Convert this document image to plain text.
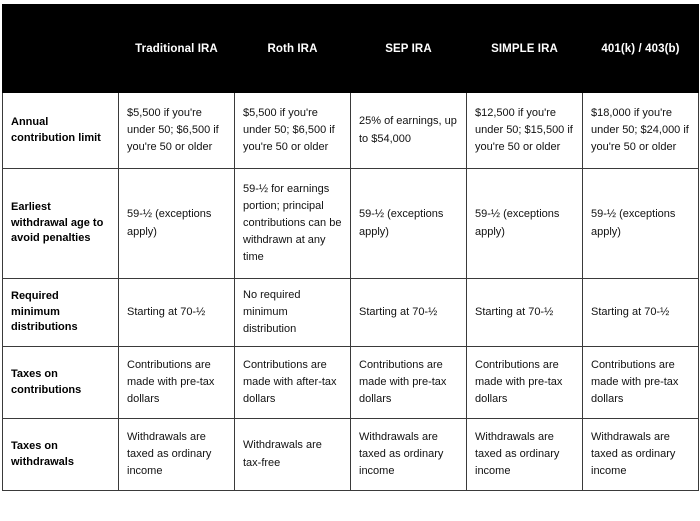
	Traditional IRA	Roth IRA	SEP IRA	SIMPLE IRA	401(k) / 403(b)
Annual contribution limit	$5,500 if you're under 50; $6,500 if you're 50 or older	$5,500 if you're under 50; $6,500 if you're 50 or older	25% of earnings, up to $54,000	$12,500 if you're under 50; $15,500 if you're 50 or older	$18,000 if you're under 50; $24,000 if you're 50 or older
Earliest withdrawal age to avoid penalties	59-½ (exceptions apply)	59-½ for earnings portion; principal contributions can be withdrawn at any time	59-½ (exceptions apply)	59-½ (exceptions apply)	59-½ (exceptions apply)
Required minimum distributions	Starting at 70-½	No required minimum distribution	Starting at 70-½	Starting at 70-½	Starting at 70-½
Taxes on contributions	Contributions are made with pre-tax dollars	Contributions are made with after-tax dollars	Contributions are made with pre-tax dollars	Contributions are made with pre-tax dollars	Contributions are made with pre-tax dollars
Taxes on withdrawals	Withdrawals are taxed as ordinary income	Withdrawals are tax-free	Withdrawals are taxed as ordinary income	Withdrawals are taxed as ordinary income	Withdrawals are taxed as ordinary income
